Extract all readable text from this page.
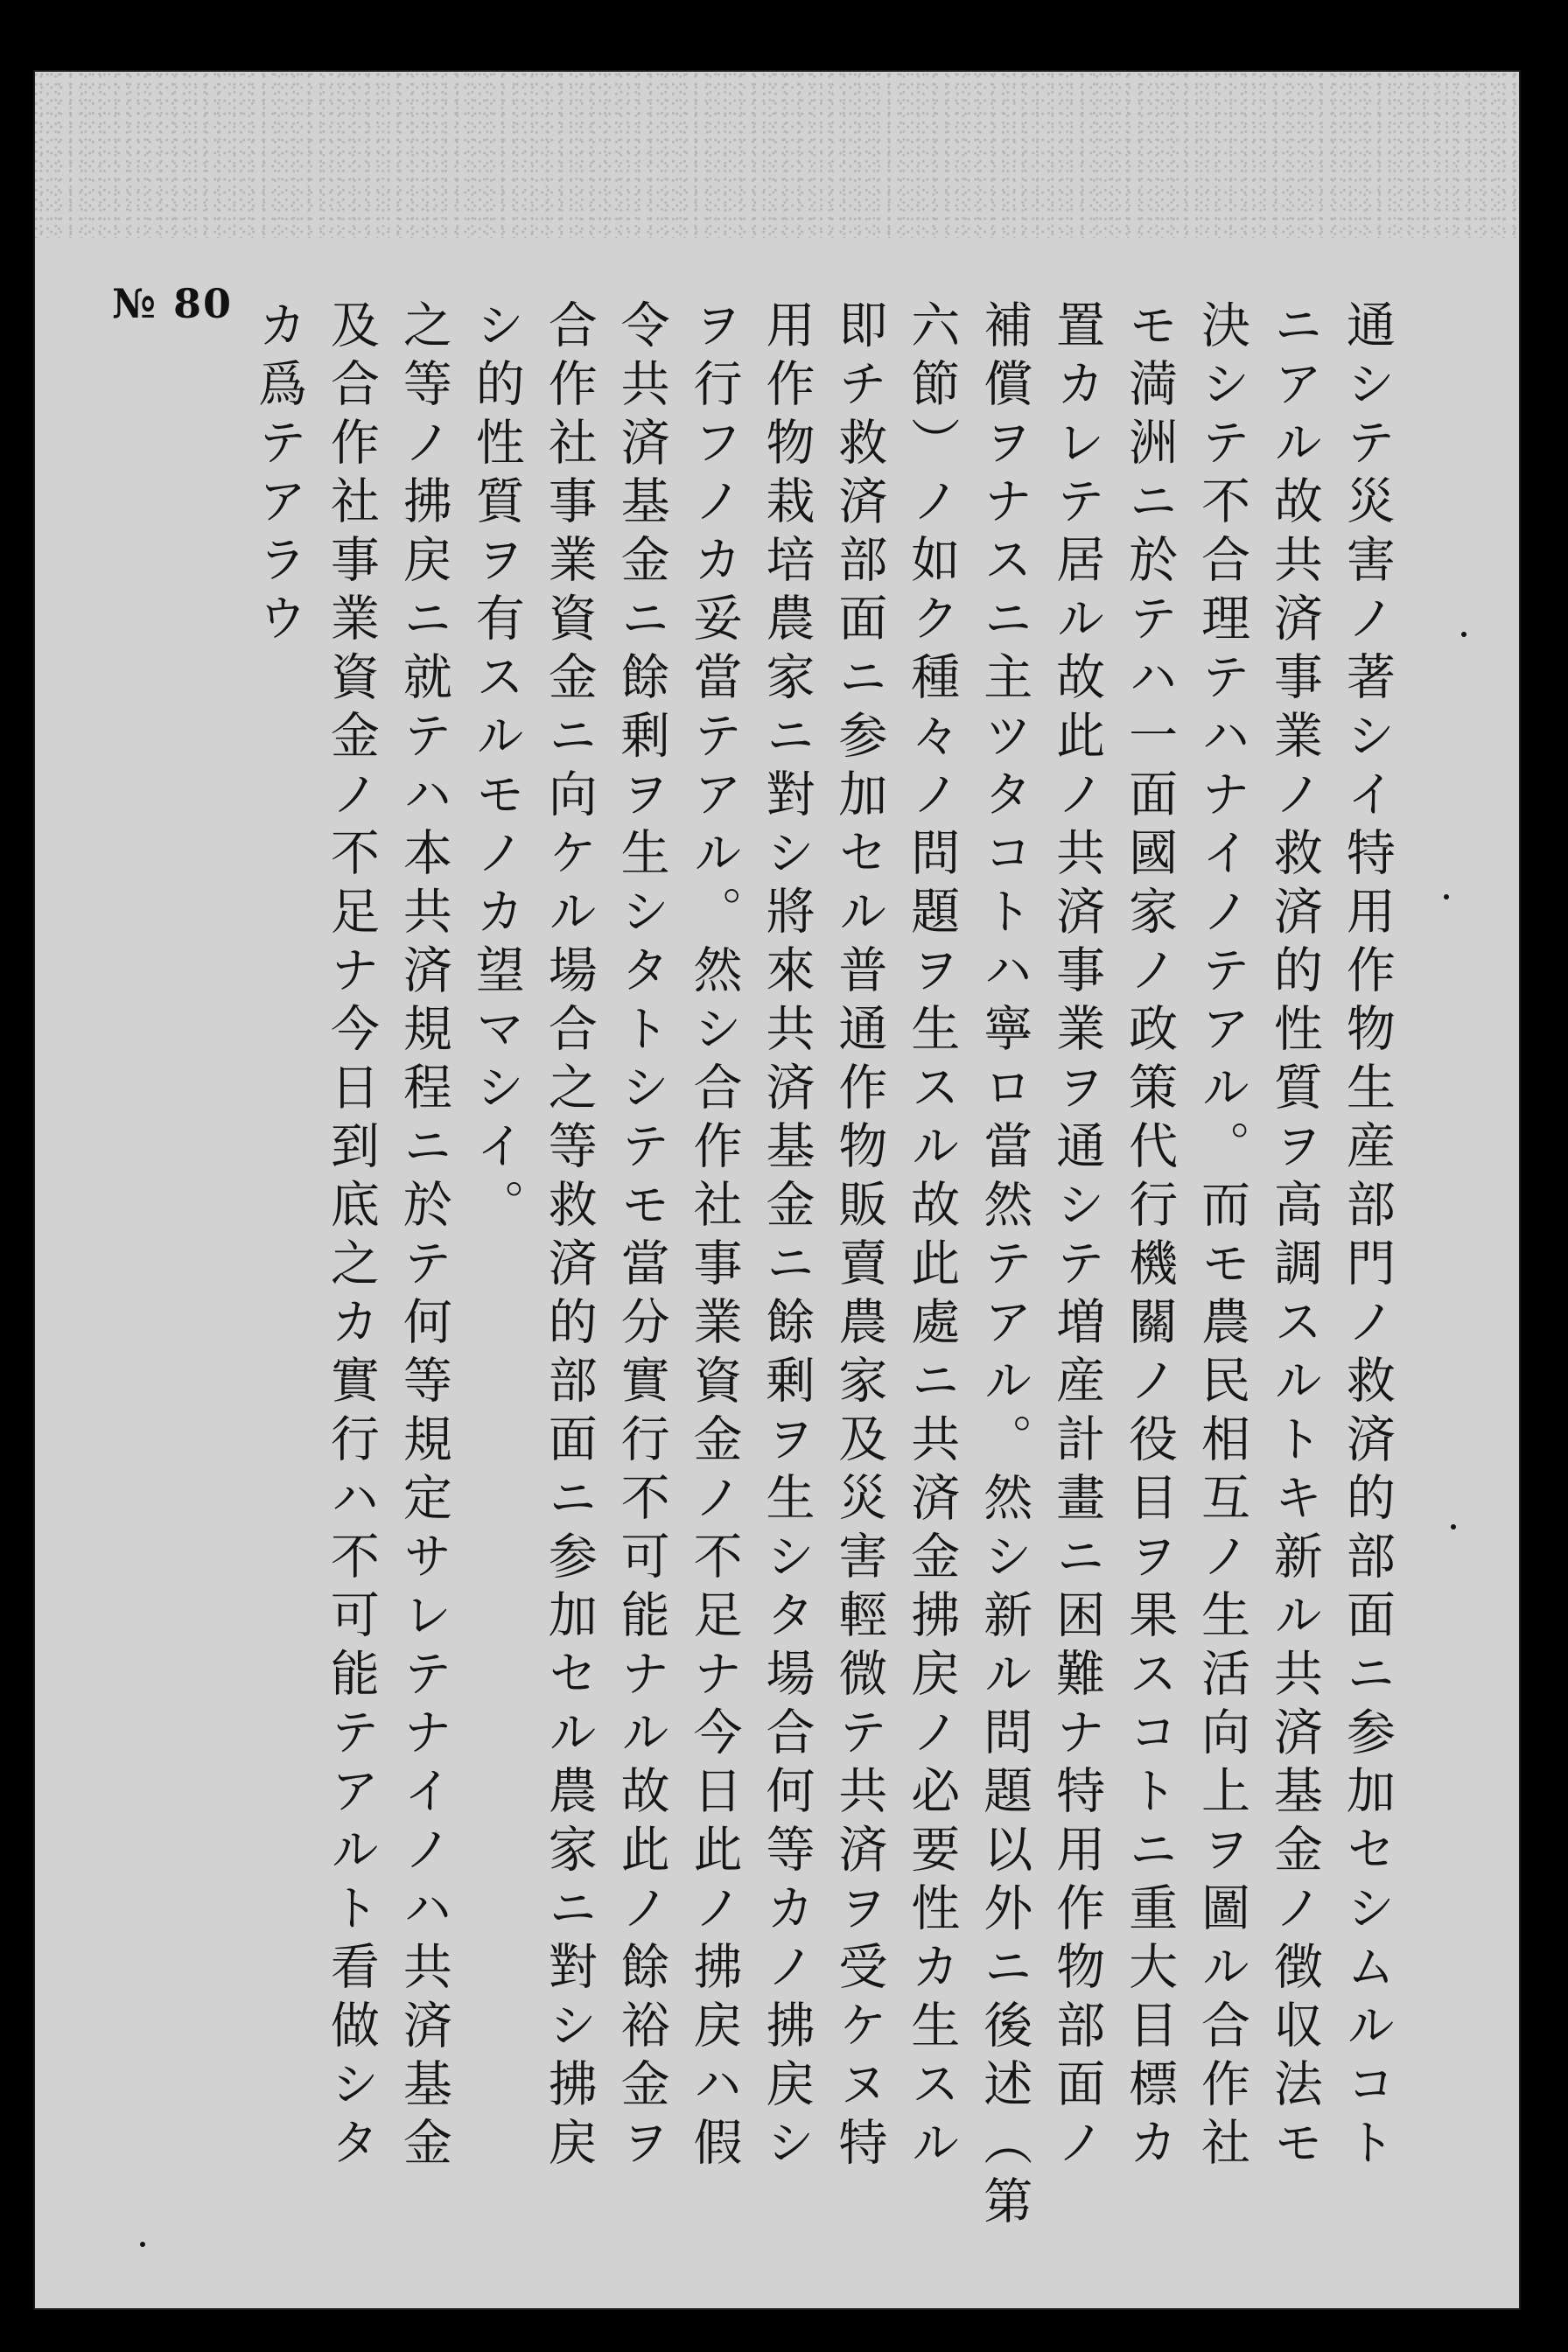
№ 80	通シテ災害ノ著シイ特用作物生産部門ノ救済的部面ニ参加セシムルコト
ニアル故共済事業ノ救済的性質ヲ高調スルトキ新ル共済基金ノ徴収法モ
決シテ不合理テハナイノテアル。而モ農民相互ノ生活向上ヲ圖ル合作社
モ満洲ニ於テハ一面國家ノ政策代行機關ノ役目ヲ果スコトニ重大目標カ
置カレテ居ル故此ノ共済事業ヲ通シテ増産計畫ニ困難ナ特用作物部面ノ
補償ヲナスニ主ツタコトハ寧ロ當然テアル。然シ新ル問題以外ニ後述（第
六節）ノ如ク種々ノ問題ヲ生スル故此處ニ共済金拂戻ノ必要性カ生スル
即チ救済部面ニ参加セル普通作物販賣農家及災害輕微テ共済ヲ受ケヌ特
用作物栽培農家ニ對シ將來共済基金ニ餘剰ヲ生シタ場合何等カノ拂戻シ
ヲ行フノカ妥當テアル。然シ合作社事業資金ノ不足ナ今日此ノ拂戻ハ假
令共済基金ニ餘剰ヲ生シタトシテモ當分實行不可能ナル故此ノ餘裕金ヲ
合作社事業資金ニ向ケル場合之等救済的部面ニ参加セル農家ニ對シ拂戻
シ的性質ヲ有スルモノカ望マシイ。
之等ノ拂戻ニ就テハ本共済規程ニ於テ何等規定サレテナイノハ共済基金
及合作社事業資金ノ不足ナ今日到底之カ實行ハ不可能テアルト看做シタ
カ爲テアラウ
